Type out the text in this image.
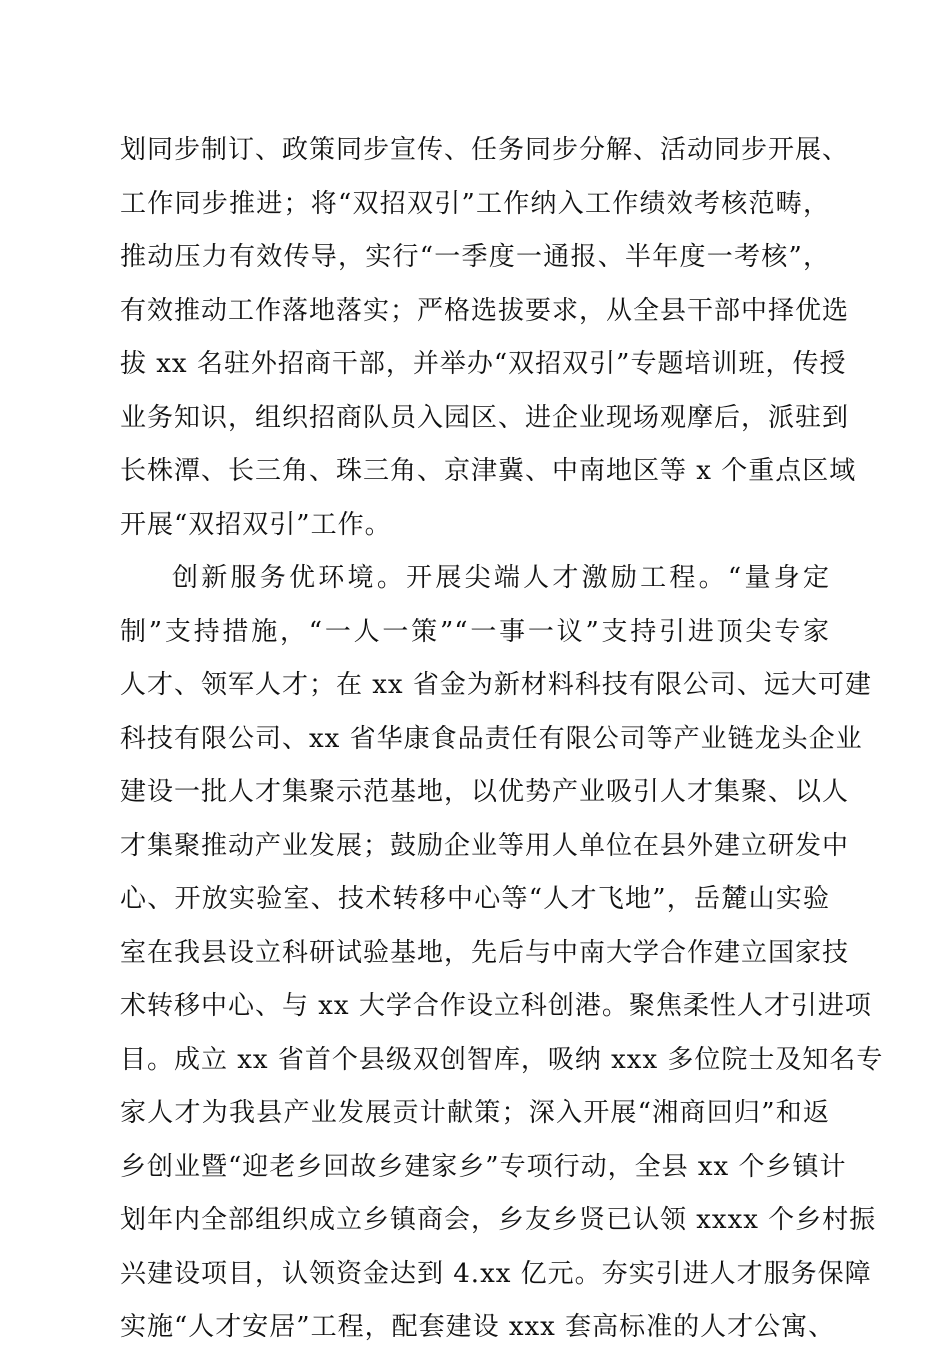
划同步制订、政策同步宣传、任务同步分解、活动同步开展、
工作同步推进；将“双招双引”工作纳入工作绩效考核范畴，
推动压力有效传导，实行“一季度一通报、半年度一考核”，
有效推动工作落地落实；严格选拔要求，从全县干部中择优选
拔 xx 名驻外招商干部，并举办“双招双引”专题培训班，传授
业务知识，组织招商队员入园区、进企业现场观摩后，派驻到
长株潭、长三角、珠三角、京津冀、中南地区等 x 个重点区域
开展“双招双引”工作。
创新服务优环境。开展尖端人才激励工程。“量身定
制”支持措施，“一人一策”“一事一议”支持引进顶尖专家
人才、领军人才；在 xx 省金为新材料科技有限公司、远大可建
科技有限公司、xx 省华康食品责任有限公司等产业链龙头企业
建设一批人才集聚示范基地，以优势产业吸引人才集聚、以人
才集聚推动产业发展；鼓励企业等用人单位在县外建立研发中
心、开放实验室、技术转移中心等“人才飞地”，岳麓山实验
室在我县设立科研试验基地，先后与中南大学合作建立国家技
术转移中心、与 xx 大学合作设立科创港。聚焦柔性人才引进项
目。成立 xx 省首个县级双创智库，吸纳 xxx 多位院士及知名专
家人才为我县产业发展贡计献策；深入开展“湘商回归”和返
乡创业暨“迎老乡回故乡建家乡”专项行动，全县 xx 个乡镇计
划年内全部组织成立乡镇商会，乡友乡贤已认领 xxxx 个乡村振
兴建设项目，认领资金达到 4.xx 亿元。夯实引进人才服务保障
实施“人才安居”工程，配套建设 xxx 套高标准的人才公寓、
